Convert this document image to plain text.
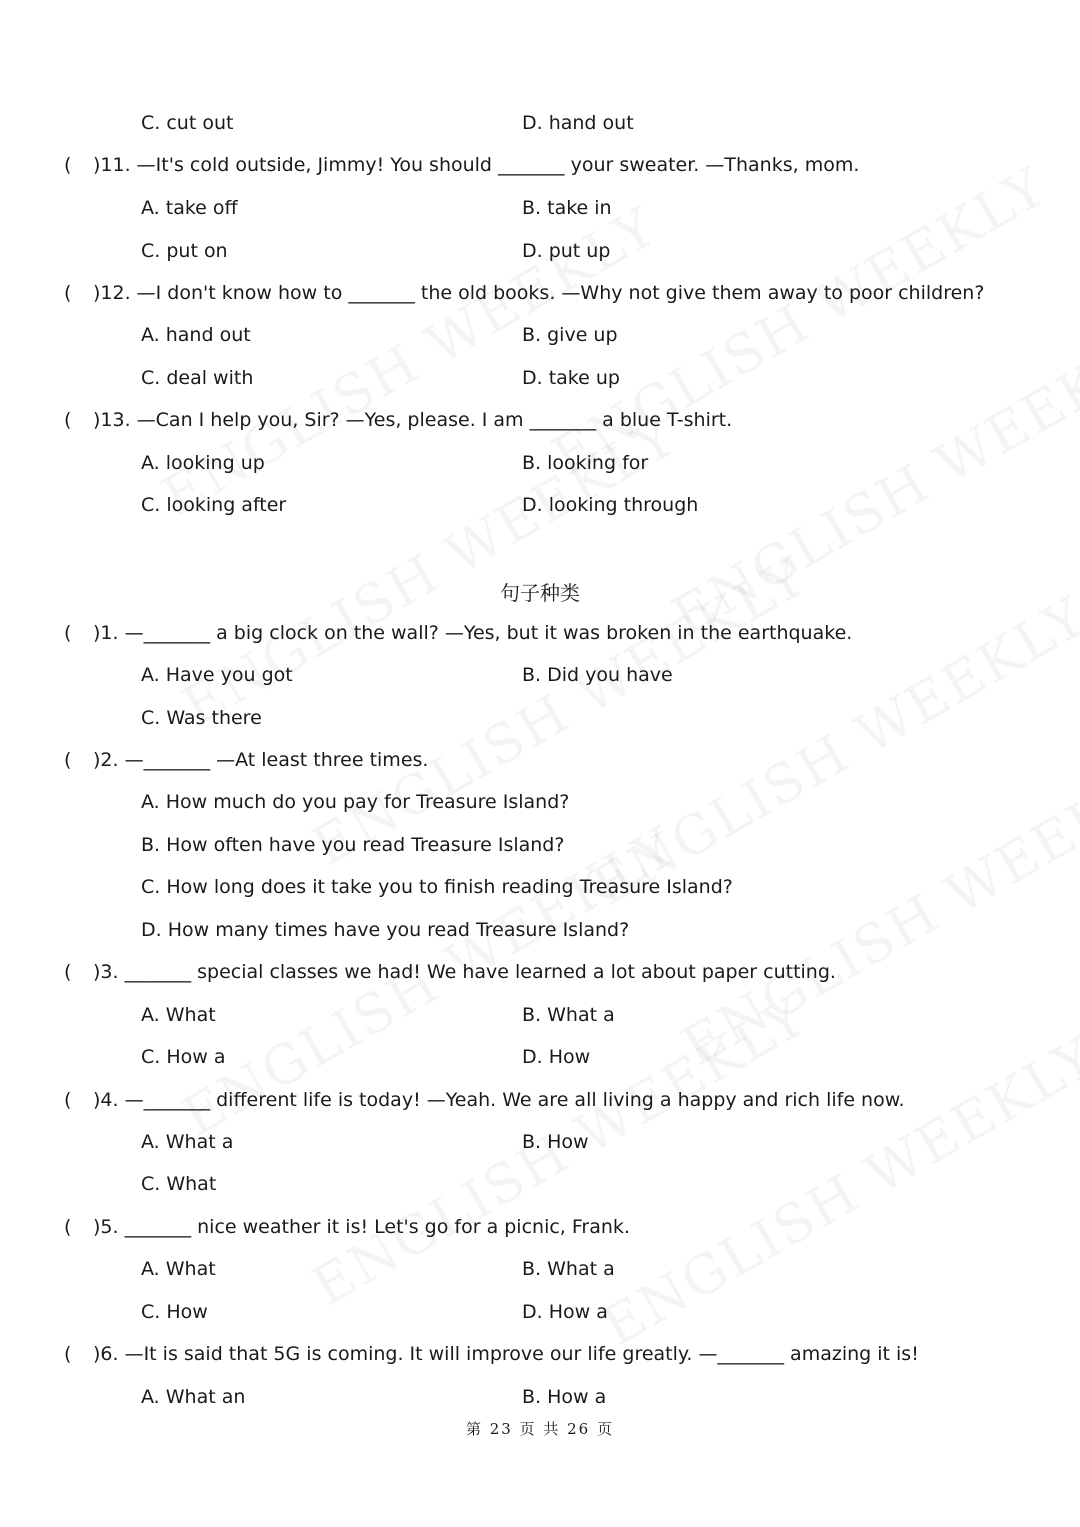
C. cut out	D. hand out
( )11. —It's cold outside, Jimmy! You should _______ your sweater. —Thanks, mom.
A. take off	B. take in
C. put on	D. put up
( )12. —I don't know how to _______ the old books. —Why not give them away to poor children?
A. hand out	B. give up
C. deal with	D. take up
( )13. —Can I help you, Sir? —Yes, please. I am _______ a blue T-shirt.
A. looking up	B. looking for
C. looking after	D. looking through
句子种类
( )1. —_______ a big clock on the wall? —Yes, but it was broken in the earthquake.
A. Have you got	B. Did you have
C. Was there
( )2. —_______ —At least three times.
A. How much do you pay for Treasure Island?
B. How often have you read Treasure Island?
C. How long does it take you to finish reading Treasure Island?
D. How many times have you read Treasure Island?
( )3. _______ special classes we had! We have learned a lot about paper cutting.
A. What	B. What a
C. How a	D. How
( )4. —_______ different life is today! —Yeah. We are all living a happy and rich life now.
A. What a	B. How
C. What
( )5. _______ nice weather it is! Let's go for a picnic, Frank.
A. What	B. What a
C. How	D. How a
( )6. —It is said that 5G is coming. It will improve our life greatly. —_______ amazing it is!
A. What an	B. How a
第 23 页 共 26 页
